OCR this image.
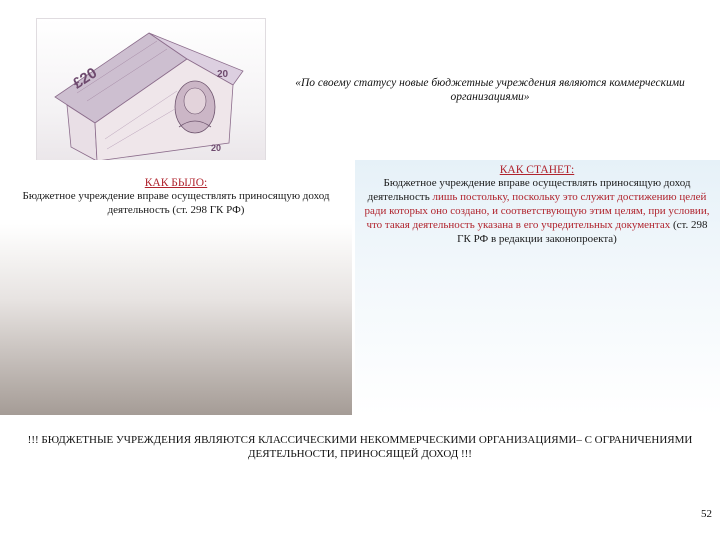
£20	20
20
«По своему статусу новые бюджетные учреждения являются коммерческими организациями»
КАК БЫЛО:
Бюджетное учреждение вправе осуществлять приносящую доход деятельность (ст. 298 ГК РФ)
КАК СТАНЕТ:
Бюджетное учреждение вправе осуществлять приносящую доход деятельность лишь постольку, поскольку это служит достижению целей ради которых оно создано, и соответствующую этим целям, при условии, что такая деятельность указана в его учредительных документах (ст. 298 ГК РФ в редакции законопроекта)
!!! БЮДЖЕТНЫЕ УЧРЕЖДЕНИЯ ЯВЛЯЮТСЯ КЛАССИЧЕСКИМИ НЕКОММЕРЧЕСКИМИ ОРГАНИЗАЦИЯМИ– С ОГРАНИЧЕНИЯМИ ДЕЯТЕЛЬНОСТИ, ПРИНОСЯЩЕЙ ДОХОД !!!
52
